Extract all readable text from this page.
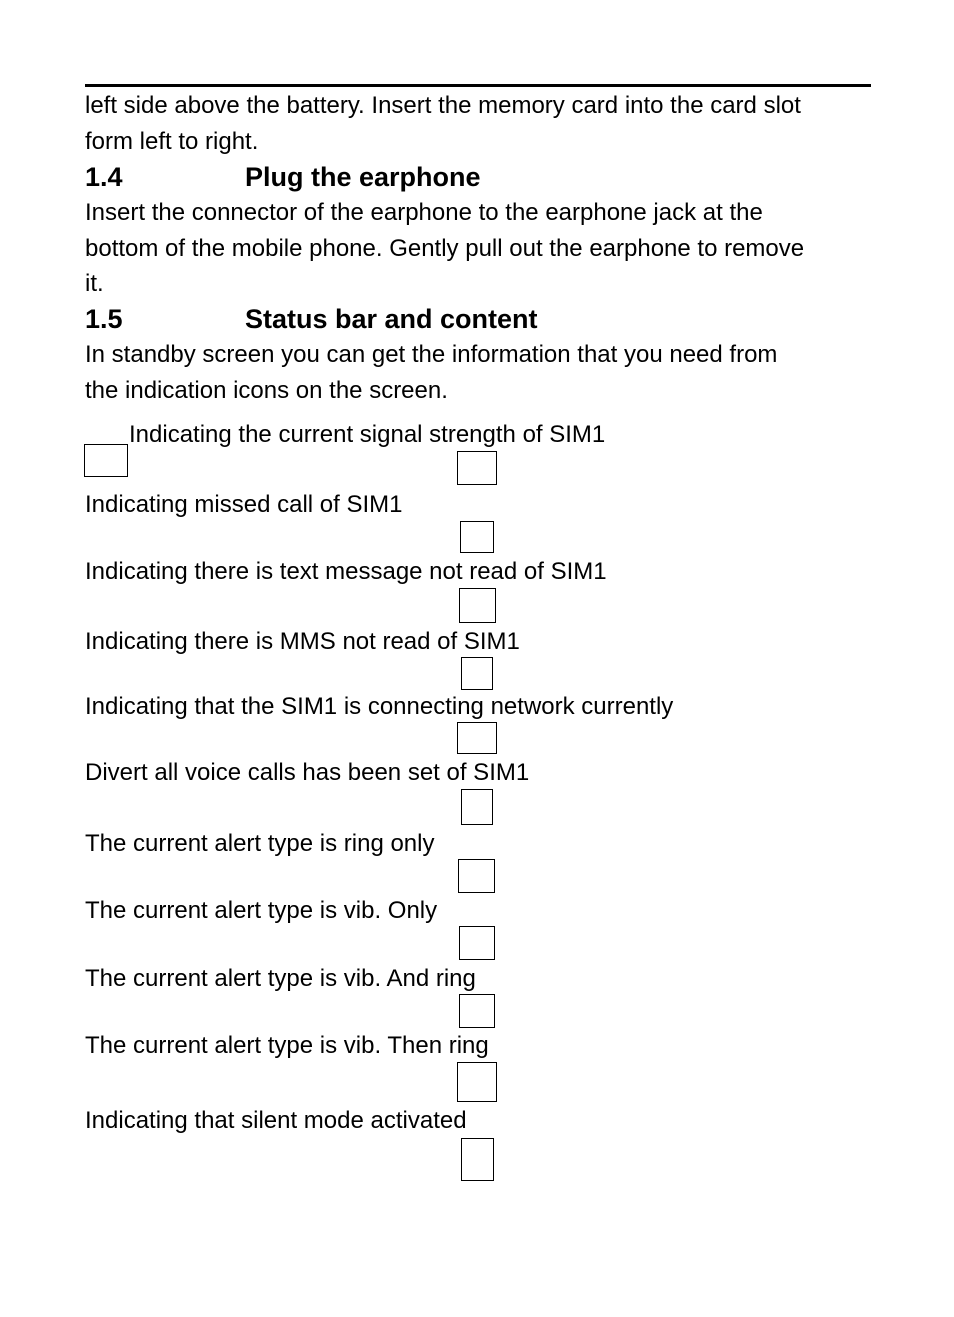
left side above the battery. Insert the memory card into the card slot

form left to right.

1.4	Plug the earphone

Insert the connector of the earphone to the earphone jack at the

bottom of the mobile phone. Gently pull out the earphone to remove

it.

1.5	Status bar and content

In standby screen you can get the information that you need from

the indication icons on the screen.

Indicating the current signal strength of SIM1
Indicating missed call of SIM1
Indicating there is text message not read of SIM1
Indicating there is MMS not read of SIM1
Indicating that the SIM1 is connecting network currently
Divert all voice calls has been set of SIM1
The current alert type is ring only
The current alert type is vib. Only
The current alert type is vib. And ring
The current alert type is vib. Then ring
Indicating that silent mode activated
